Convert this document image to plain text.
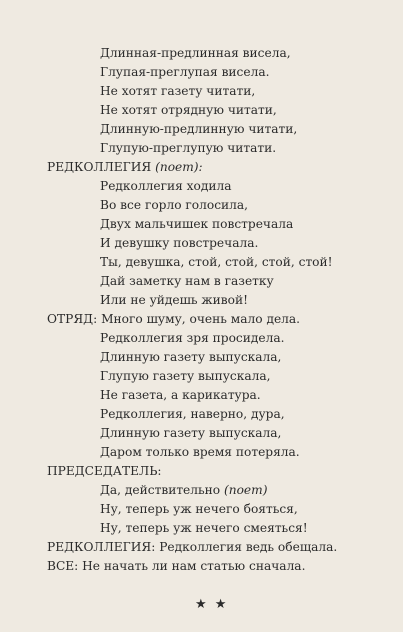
Длинная-предлинная висела,
Глупая-преглупая висела.
Не хотят газету читати,
Не хотят отрядную читати,
Длинную-предлинную читати,
Глупую-преглупую читати.
РЕДКОЛЛЕГИЯ (поет):
Редколлегия ходила
Во все горло голосила,
Двух мальчишек повстречала
И девушку повстречала.
Ты, девушка, стой, стой, стой, стой!
Дай заметку нам в газетку
Или не уйдешь живой!
ОТРЯД: Много шуму, очень мало дела.
Редколлегия зря просидела.
Длинную газету выпускала,
Глупую газету выпускала,
Не газета, а карикатура.
Редколлегия, наверно, дура,
Длинную газету выпускала,
Даром только время потеряла.
ПРЕДСЕДАТЕЛЬ:
Да, действительно (поет)
Ну, теперь уж нечего бояться,
Ну, теперь уж нечего смеяться!
РЕДКОЛЛЕГИЯ: Редколлегия ведь обещала.
ВСЕ: Не начать ли нам статью сначала.
★ ★
